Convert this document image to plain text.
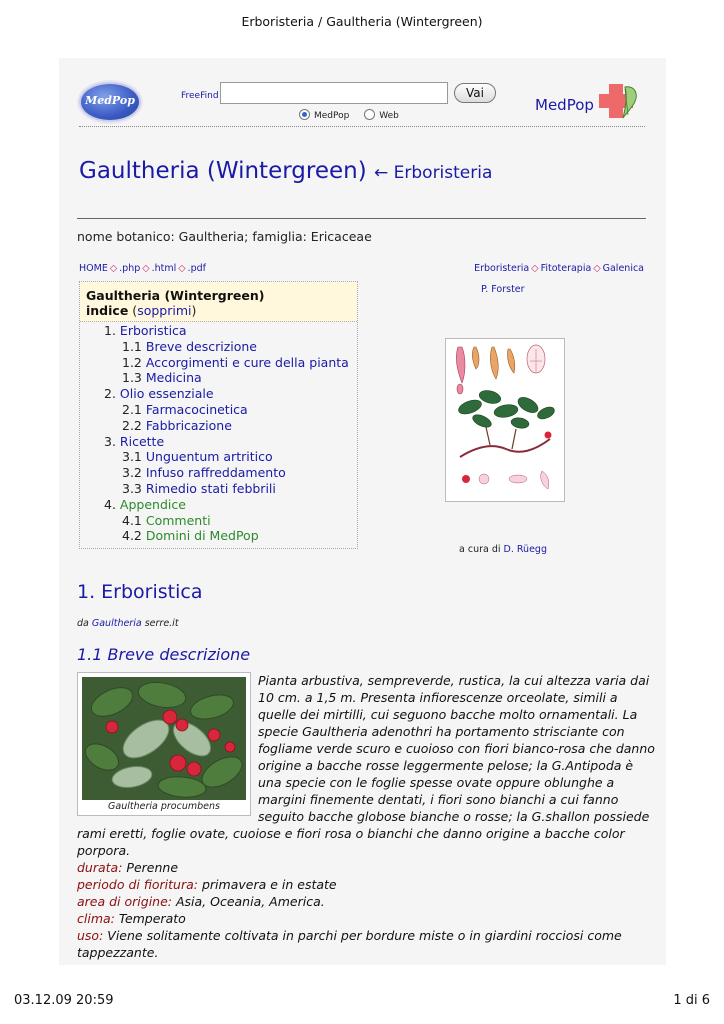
Erboristeria / Gaultheria (Wintergreen)
MedPop	FreeFind	Vai
MedPop	Web
MedPop
Gaultheria (Wintergreen) ← Erboristeria
nome botanico: Gaultheria; famiglia: Ericaceae
HOME ◇ .php ◇ .html ◇ .pdf	Erboristeria ◇ Fitoterapia ◇ Galenica
P. Forster
Gaultheria (Wintergreen)
indice (sopprimi)
1. Erboristica
1.1 Breve descrizione
1.2 Accorgimenti e cure della pianta
1.3 Medicina
2. Olio essenziale
2.1 Farmacocinetica
2.2 Fabbricazione
3. Ricette
3.1 Unguentum artritico
3.2 Infuso raffreddamento
3.3 Rimedio stati febbrili
4. Appendice
4.1 Commenti
4.2 Domini di MedPop
a cura di D. Rüegg
1. Erboristica
da Gaultheria serre.it
1.1 Breve descrizione
Gaultheria procumbens
Pianta arbustiva, sempreverde, rustica, la cui altezza varia dai
10 cm. a 1,5 m. Presenta infiorescenze orceolate, simili a
quelle dei mirtilli, cui seguono bacche molto ornamentali. La
specie Gaultheria adenothri ha portamento strisciante con
fogliame verde scuro e cuoioso con fiori bianco-rosa che danno
origine a bacche rosse leggermente pelose; la G.Antipoda è
una specie con le foglie spesse ovate oppure oblunghe a
margini finemente dentati, i fiori sono bianchi a cui fanno
seguito bacche globose bianche o rosse; la G.shallon possiede
rami eretti, foglie ovate, cuoiose e fiori rosa o bianchi che danno origine a bacche color
porpora.
durata: Perenne
periodo di fioritura: primavera e in estate
area di origine: Asia, Oceania, America.
clima: Temperato
uso: Viene solitamente coltivata in parchi per bordure miste o in giardini rocciosi come
tappezzante.
03.12.09 20:59	1 di 6
